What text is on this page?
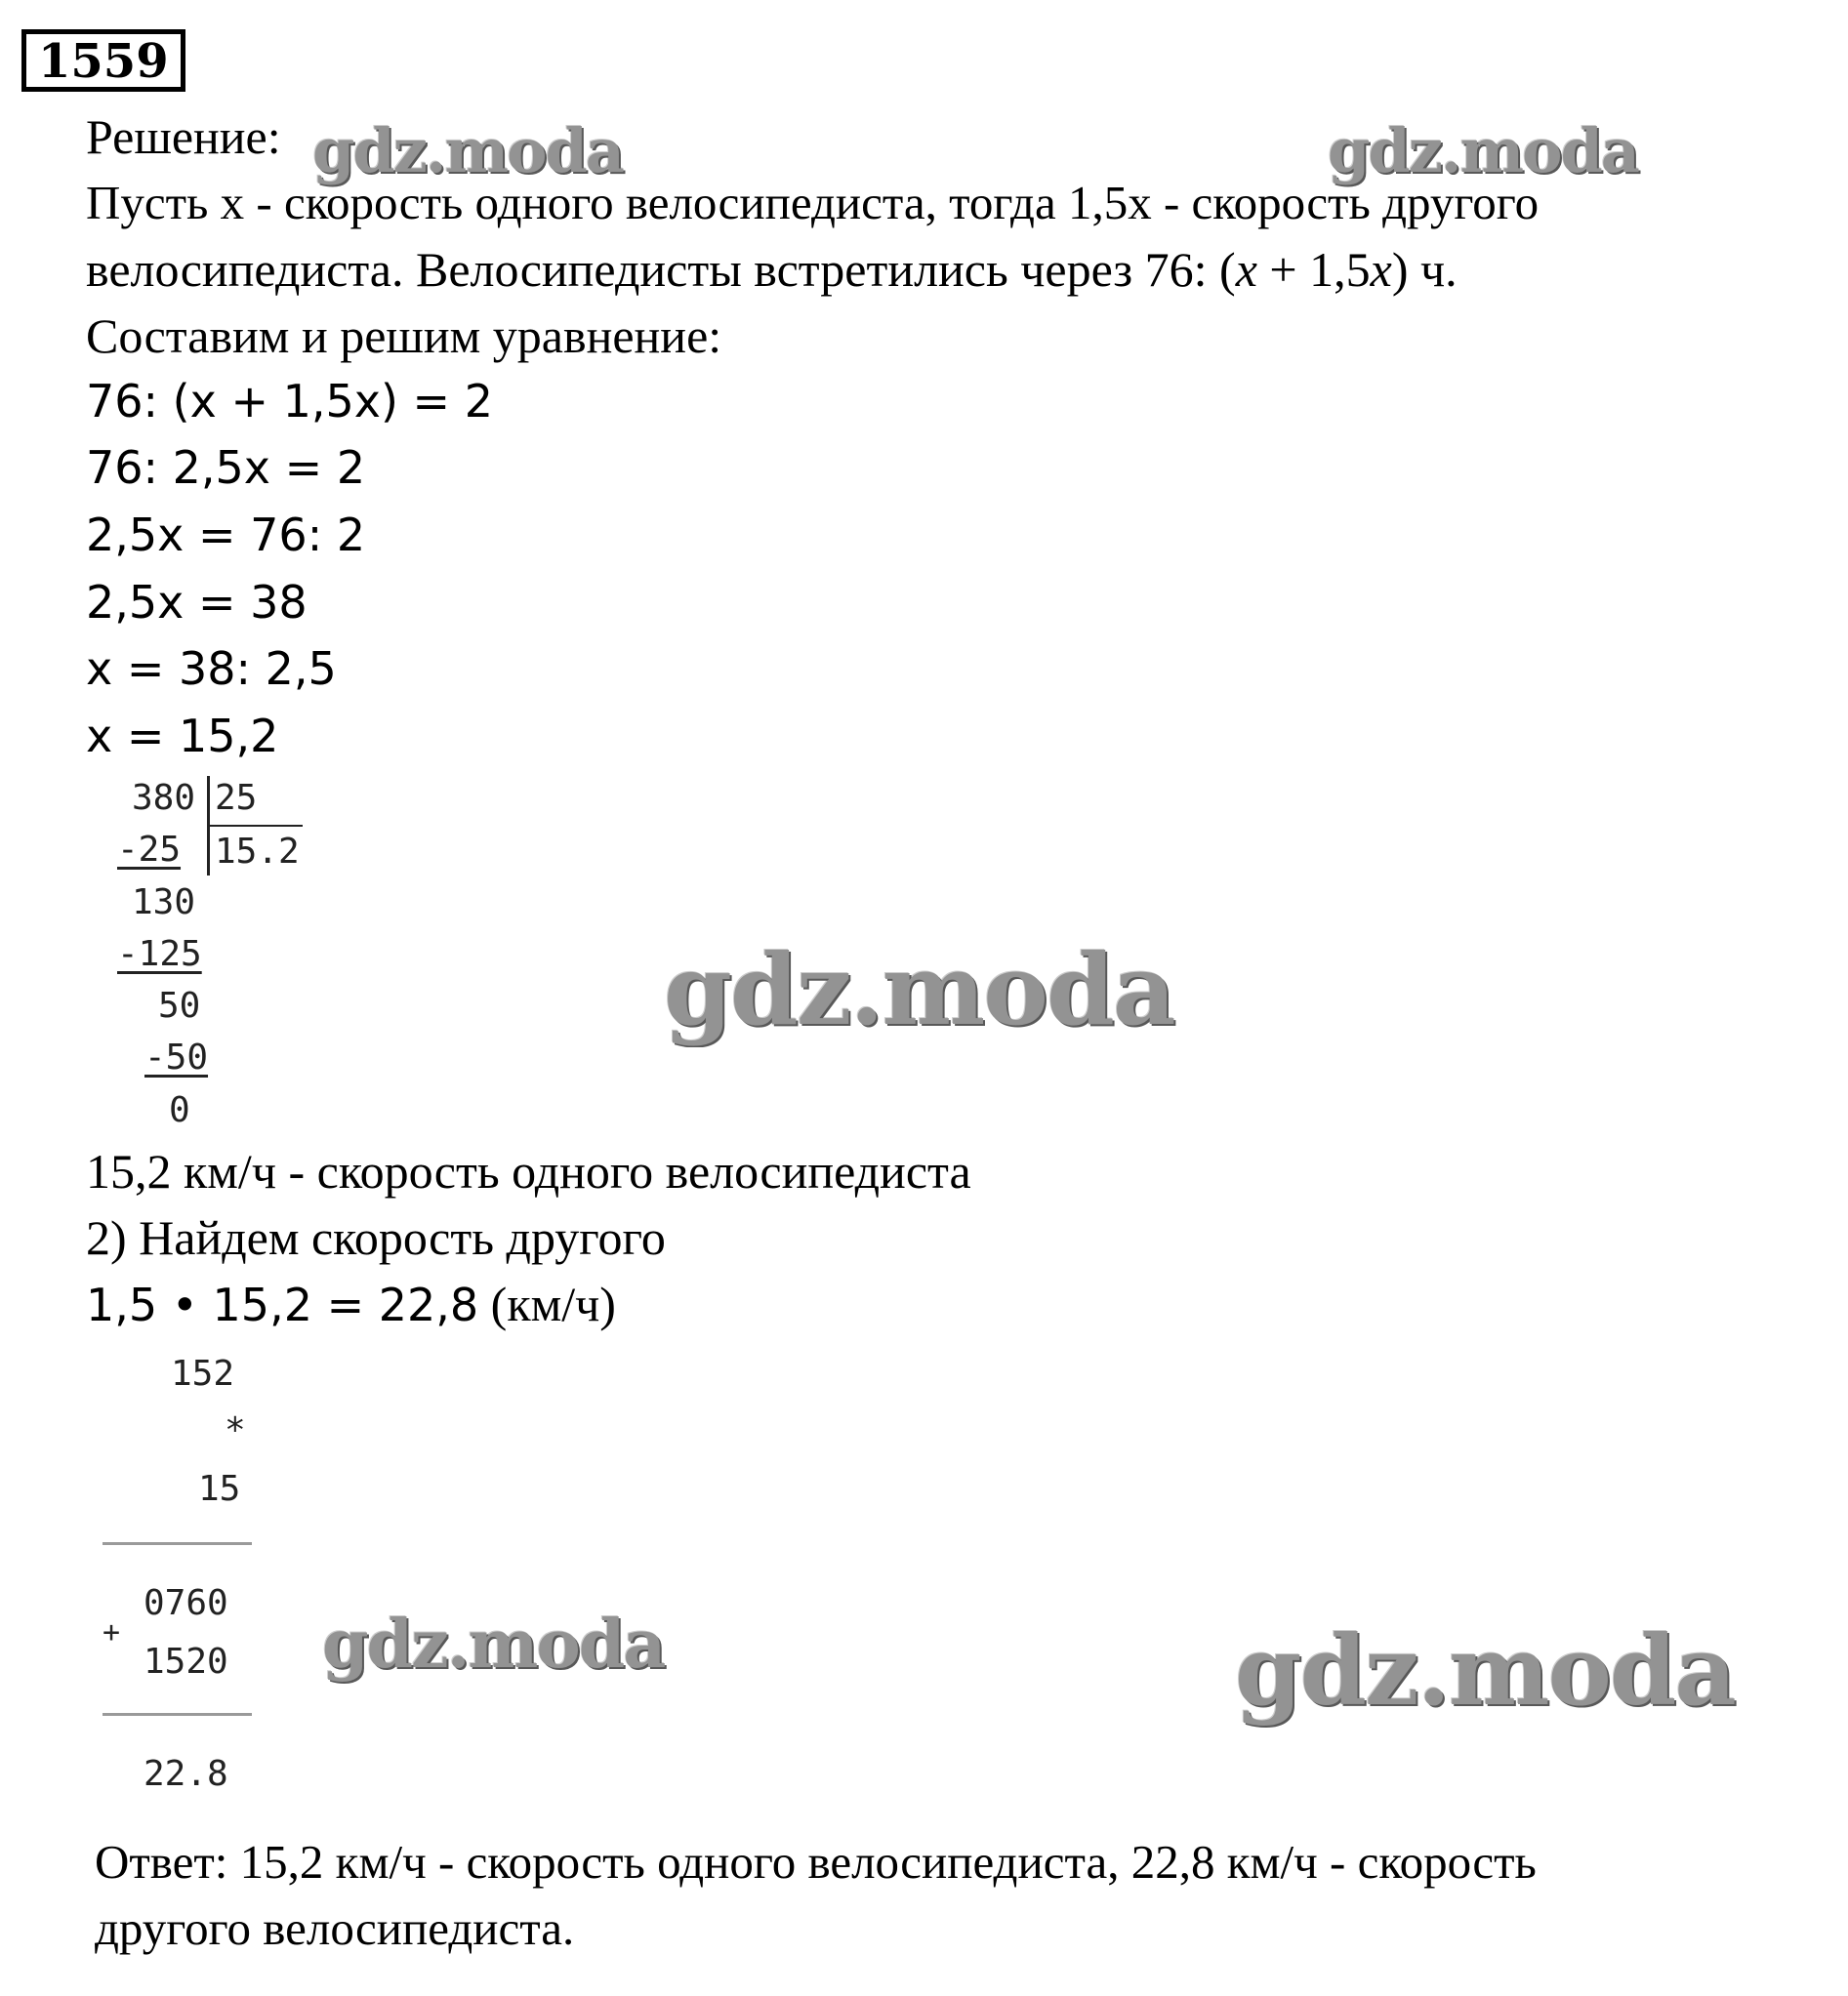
1559
gdz.moda	gdz.moda
gdz.moda
gdz.moda	gdz.moda
Решение:
Пусть х - скорость одного велосипедиста, тогда 1,5х - скорость другого
велосипедиста. Велосипедисты встретились через 76: (x + 1,5x) ч.
Составим и решим уравнение:
76: (x + 1,5x) = 2
76: 2,5x = 2
2,5x = 76: 2
2,5x = 38
x = 38: 2,5
x = 15,2
380 25
15.2
-25
130
-125
50
-50
0
15,2 км/ч - скорость одного велосипедиста
2) Найдем скорость другого
1,5 • 15,2 = 22,8 (км/ч)
152
*
15
0760
+
1520
22.8
Ответ: 15,2 км/ч - скорость одного велосипедиста, 22,8 км/ч - скорость
другого велосипедиста.
